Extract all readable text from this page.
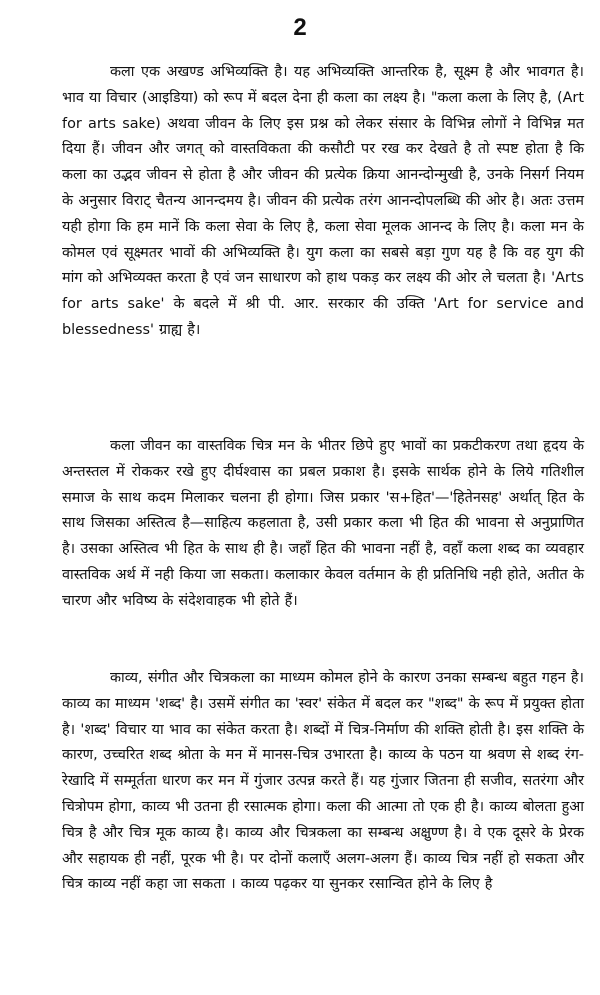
2

कला एक अखण्ड अभिव्यक्ति है। यह अभिव्यक्ति आन्तरिक है, सूक्ष्म है और भावगत है। भाव या विचार (आइडिया) को रूप में बदल देना ही कला का लक्ष्य है। "कला कला के लिए है, (Art for arts sake) अथवा जीवन के लिए इस प्रश्न को लेकर संसार के विभिन्न लोगों ने विभिन्न मत दिया हैं। जीवन और जगत् को वास्तविकता की कसौटी पर रख कर देखते है तो स्पष्ट होता है कि कला का उद्भव जीवन से होता है और जीवन की प्रत्येक क्रिया आनन्दोन्मुखी है, उनके निसर्ग नियम के अनुसार विराट् चैतन्य आनन्दमय है। जीवन की प्रत्येक तरंग आनन्दोपलब्धि की ओर है। अतः उत्तम यही होगा कि हम मानें कि कला सेवा के लिए है, कला सेवा मूलक आनन्द के लिए है। कला मन के कोमल एवं सूक्ष्मतर भावों की अभिव्यक्ति है। युग कला का सबसे बड़ा गुण यह है कि वह युग की मांग को अभिव्यक्त करता है एवं जन साधारण को हाथ पकड़ कर लक्ष्य की ओर ले चलता है। 'Arts for arts sake' के बदले में श्री पी. आर. सरकार की उक्ति 'Art for service and blessedness' ग्राह्य है।

कला जीवन का वास्तविक चित्र मन के भीतर छिपे हुए भावों का प्रकटीकरण तथा हृदय के अन्तस्तल में रोककर रखे हुए दीर्घश्वास का प्रबल प्रकाश है। इसके सार्थक होने के लिये गतिशील समाज के साथ कदम मिलाकर चलना ही होगा। जिस प्रकार 'स+हित'—'हितेनसह' अर्थात् हित के साथ जिसका अस्तित्व है—साहित्य कहलाता है, उसी प्रकार कला भी हित की भावना से अनुप्राणित है। उसका अस्तित्व भी हित के साथ ही है। जहाँ हित की भावना नहीं है, वहाँ कला शब्द का व्यवहार वास्तविक अर्थ में नही किया जा सकता। कलाकार केवल वर्तमान के ही प्रतिनिधि नही होते, अतीत के चारण और भविष्य के संदेशवाहक भी होते हैं।

काव्य, संगीत और चित्रकला का माध्यम कोमल होने के कारण उनका सम्बन्ध बहुत गहन है। काव्य का माध्यम 'शब्द' है। उसमें संगीत का 'स्वर' संकेत में बदल कर "शब्द" के रूप में प्रयुक्त होता है। 'शब्द' विचार या भाव का संकेत करता है। शब्दों में चित्र-निर्माण की शक्ति होती है। इस शक्ति के कारण, उच्चरित शब्द श्रोता के मन में मानस-चित्र उभारता है। काव्य के पठन या श्रवण से शब्द रंग-रेखादि में सम्मूर्तता धारण कर मन में गुंजार उत्पन्न करते हैं। यह गुंजार जितना ही सजीव, सतरंगा और चित्रोपम होगा, काव्य भी उतना ही रसात्मक होगा। कला की आत्मा तो एक ही है। काव्य बोलता हुआ चित्र है और चित्र मूक काव्य है। काव्य और चित्रकला का सम्बन्ध अक्षुण्ण है। वे एक दूसरे के प्रेरक और सहायक ही नहीं, पूरक भी है। पर दोनों कलाएँ अलग-अलग हैं। काव्य चित्र नहीं हो सकता और चित्र काव्य नहीं कहा जा सकता । काव्य पढ़कर या सुनकर रसान्वित होने के लिए है
